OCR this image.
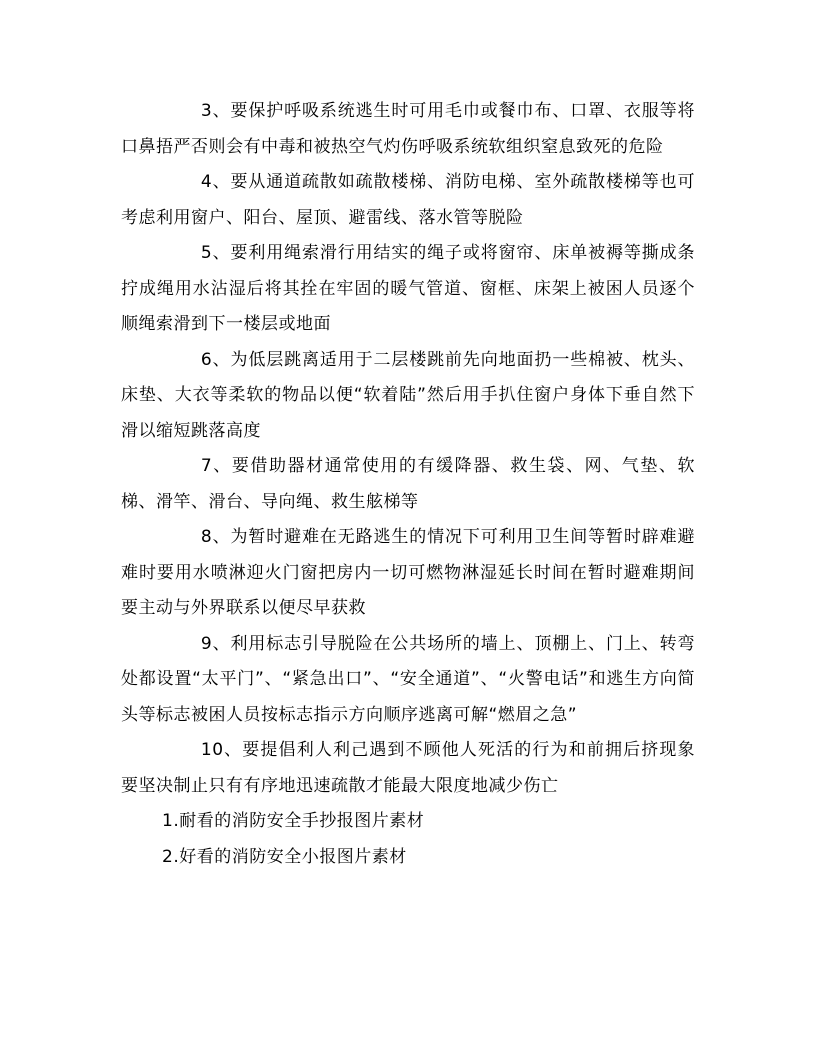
3、要保护呼吸系统逃生时可用毛巾或餐巾布、口罩、衣服等将口鼻捂严否则会有中毒和被热空气灼伤呼吸系统软组织窒息致死的危险

4、要从通道疏散如疏散楼梯、消防电梯、室外疏散楼梯等也可考虑利用窗户、阳台、屋顶、避雷线、落水管等脱险

5、要利用绳索滑行用结实的绳子或将窗帘、床单被褥等撕成条拧成绳用水沾湿后将其拴在牢固的暖气管道、窗框、床架上被困人员逐个顺绳索滑到下一楼层或地面

6、为低层跳离适用于二层楼跳前先向地面扔一些棉被、枕头、床垫、大衣等柔软的物品以便“软着陆”然后用手扒住窗户身体下垂自然下滑以缩短跳落高度

7、要借助器材通常使用的有缓降器、救生袋、网、气垫、软梯、滑竿、滑台、导向绳、救生舷梯等

8、为暂时避难在无路逃生的情况下可利用卫生间等暂时辟难避难时要用水喷淋迎火门窗把房内一切可燃物淋湿延长时间在暂时避难期间要主动与外界联系以便尽早获救

9、利用标志引导脱险在公共场所的墙上、顶棚上、门上、转弯处都设置“太平门”、“紧急出口”、“安全通道”、“火警电话”和逃生方向简头等标志被困人员按标志指示方向顺序逃离可解“燃眉之急”

10、要提倡利人利己遇到不顾他人死活的行为和前拥后挤现象要坚决制止只有有序地迅速疏散才能最大限度地减少伤亡

1.耐看的消防安全手抄报图片素材
2.好看的消防安全小报图片素材
